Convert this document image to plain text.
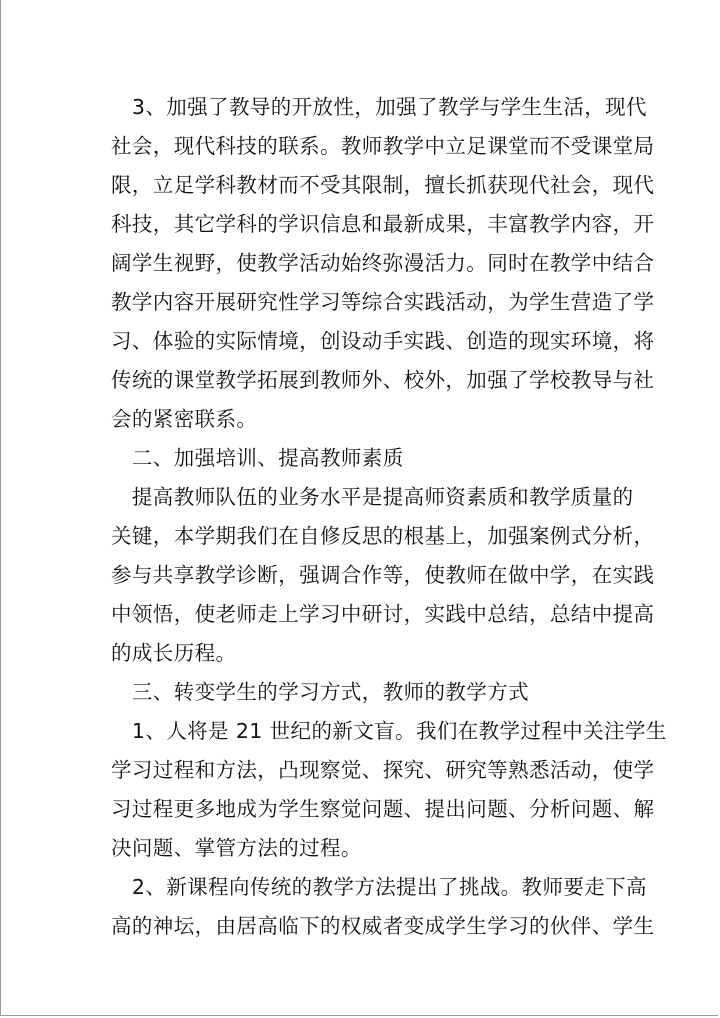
　3、加强了教导的开放性，加强了教学与学生生活，现代
社会，现代科技的联系。教师教学中立足课堂而不受课堂局
限，立足学科教材而不受其限制，擅长抓获现代社会，现代
科技，其它学科的学识信息和最新成果，丰富教学内容，开
阔学生视野，使教学活动始终弥漫活力。同时在教学中结合
教学内容开展研究性学习等综合实践活动，为学生营造了学
习、体验的实际情境，创设动手实践、创造的现实环境，将
传统的课堂教学拓展到教师外、校外，加强了学校教导与社
会的紧密联系。
　二、加强培训、提高教师素质
　提高教师队伍的业务水平是提高师资素质和教学质量的
关键，本学期我们在自修反思的根基上，加强案例式分析，
参与共享教学诊断，强调合作等，使教师在做中学，在实践
中领悟，使老师走上学习中研讨，实践中总结，总结中提高
的成长历程。
　三、转变学生的学习方式，教师的教学方式
　1、人将是 21 世纪的新文盲。我们在教学过程中关注学生
学习过程和方法，凸现察觉、探究、研究等熟悉活动，使学
习过程更多地成为学生察觉问题、提出问题、分析问题、解
决问题、掌管方法的过程。
　2、新课程向传统的教学方法提出了挑战。教师要走下高
高的神坛，由居高临下的权威者变成学生学习的伙伴、学生
